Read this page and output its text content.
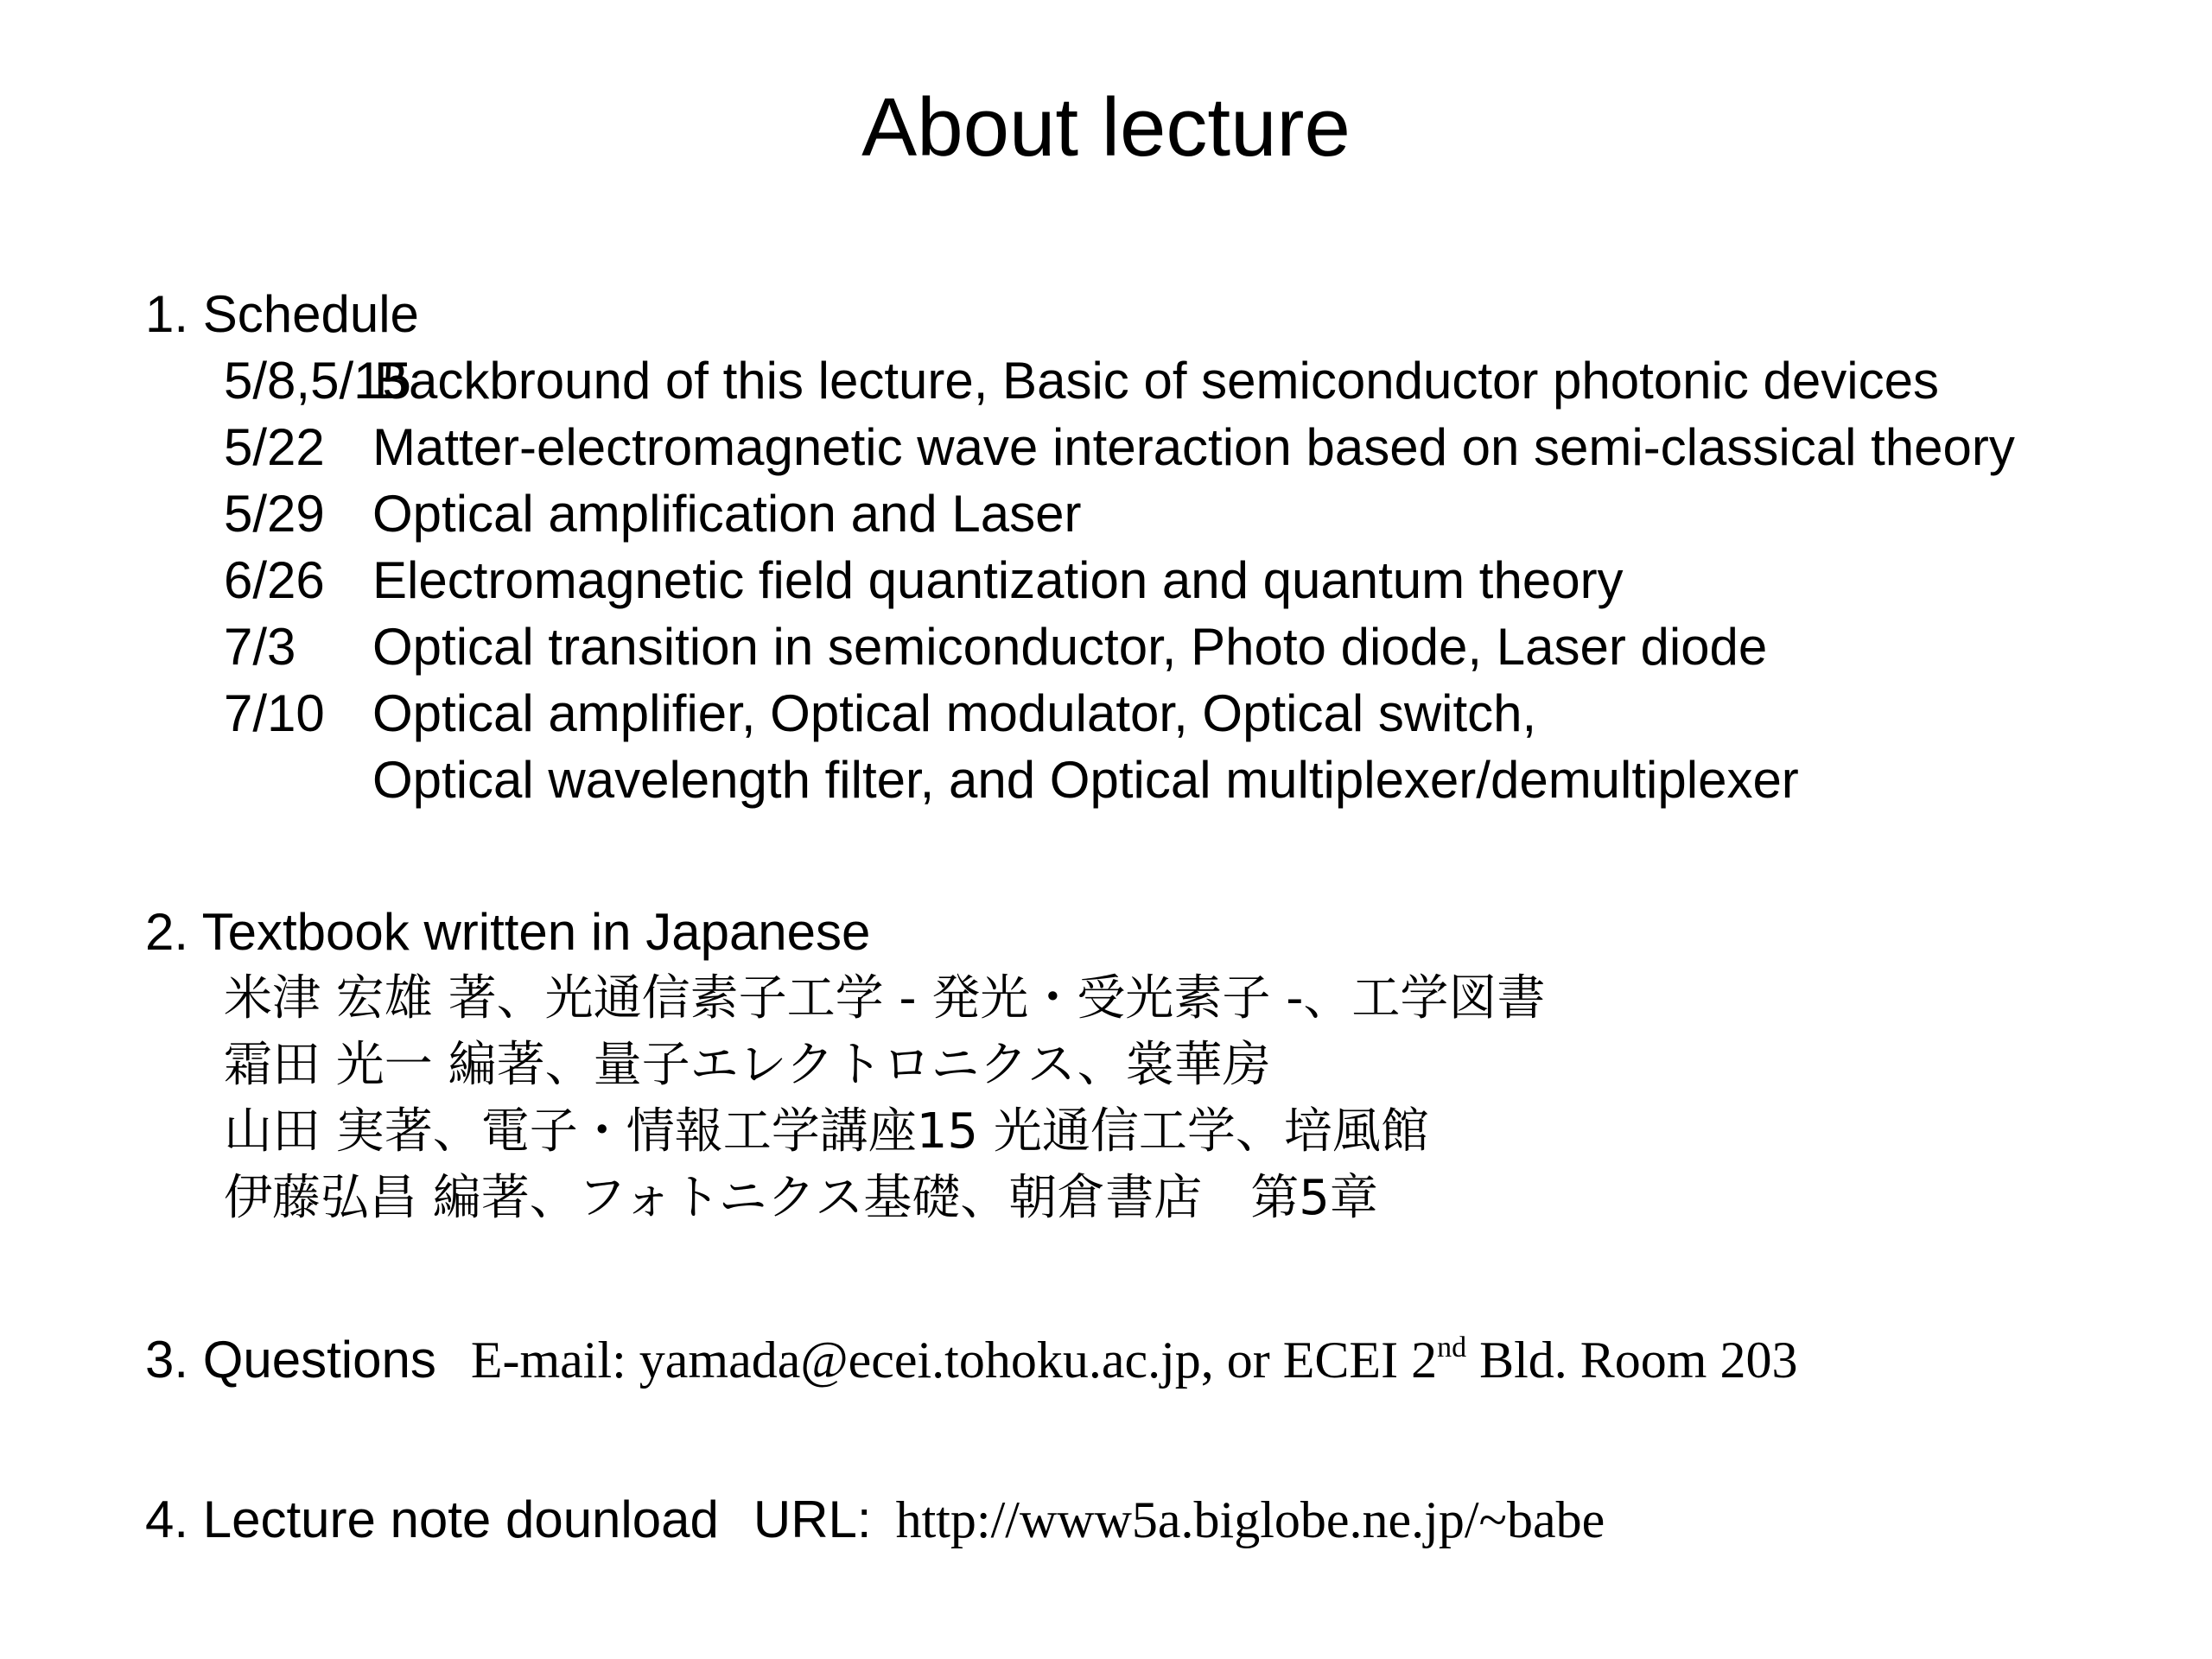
About lecture
1. Schedule
5/8,5/15
Backbround of this lecture, Basic of semiconductor photonic devices
5/22 Matter-electromagnetic wave interaction based on semi-classical theory
5/29 Optical amplification and Laser
6/26 Electromagnetic field quantization and quantum theory
7/3	Optical transition in semiconductor, Photo diode, Laser diode
7/10 Optical amplifier, Optical modulator, Optical switch,
Optical wavelength filter, and Optical multiplexer/demultiplexer
2. Textbook written in Japanese
米津 宏雄 著、光通信素子工学 - 発光・受光素子 -、工学図書
霜田 光一 編著、量子エレクトロニクス、裳華房
山田 実著、電子・情報工学講座15 光通信工学、培風館
伊藤弘昌 編著、フォトニクス基礎、朝倉書店　第5章
3. Questions E-mail: yamada@ecei.tohoku.ac.jp, or ECEI 2nd Bld. Room 203
4. Lecture note dounload URL: http://www5a.biglobe.ne.jp/~babe
